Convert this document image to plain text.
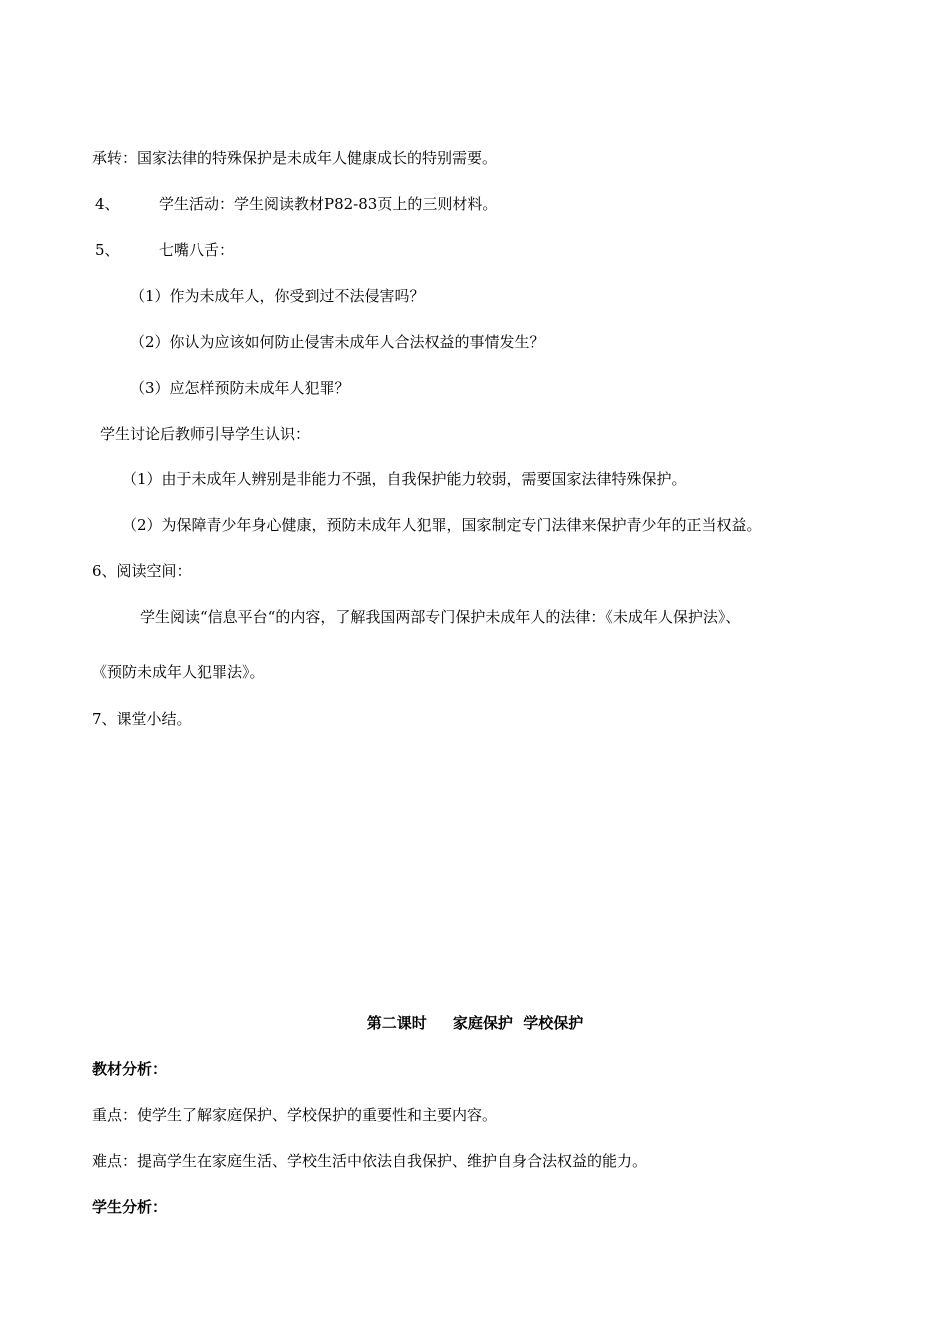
承转：国家法律的特殊保护是未成年人健康成长的特别需要。
4、	学生活动：学生阅读教材P82-83页上的三则材料。
5、	七嘴八舌：
（1）作为未成年人，你受到过不法侵害吗？
（2）你认为应该如何防止侵害未成年人合法权益的事情发生？
（3）应怎样预防未成年人犯罪？
学生讨论后教师引导学生认识：
（1）由于未成年人辨别是非能力不强，自我保护能力较弱，需要国家法律特殊保护。
（2）为保障青少年身心健康，预防未成年人犯罪，国家制定专门法律来保护青少年的正当权益。
6、阅读空间：
学生阅读“信息平台“的内容，了解我国两部专门保护未成年人的法律：《未成年人保护法》、
《预防未成年人犯罪法》。
7、课堂小结。
第二课时     家庭保护  学校保护
教材分析：
重点：使学生了解家庭保护、学校保护的重要性和主要内容。
难点：提高学生在家庭生活、学校生活中依法自我保护、维护自身合法权益的能力。
学生分析：
